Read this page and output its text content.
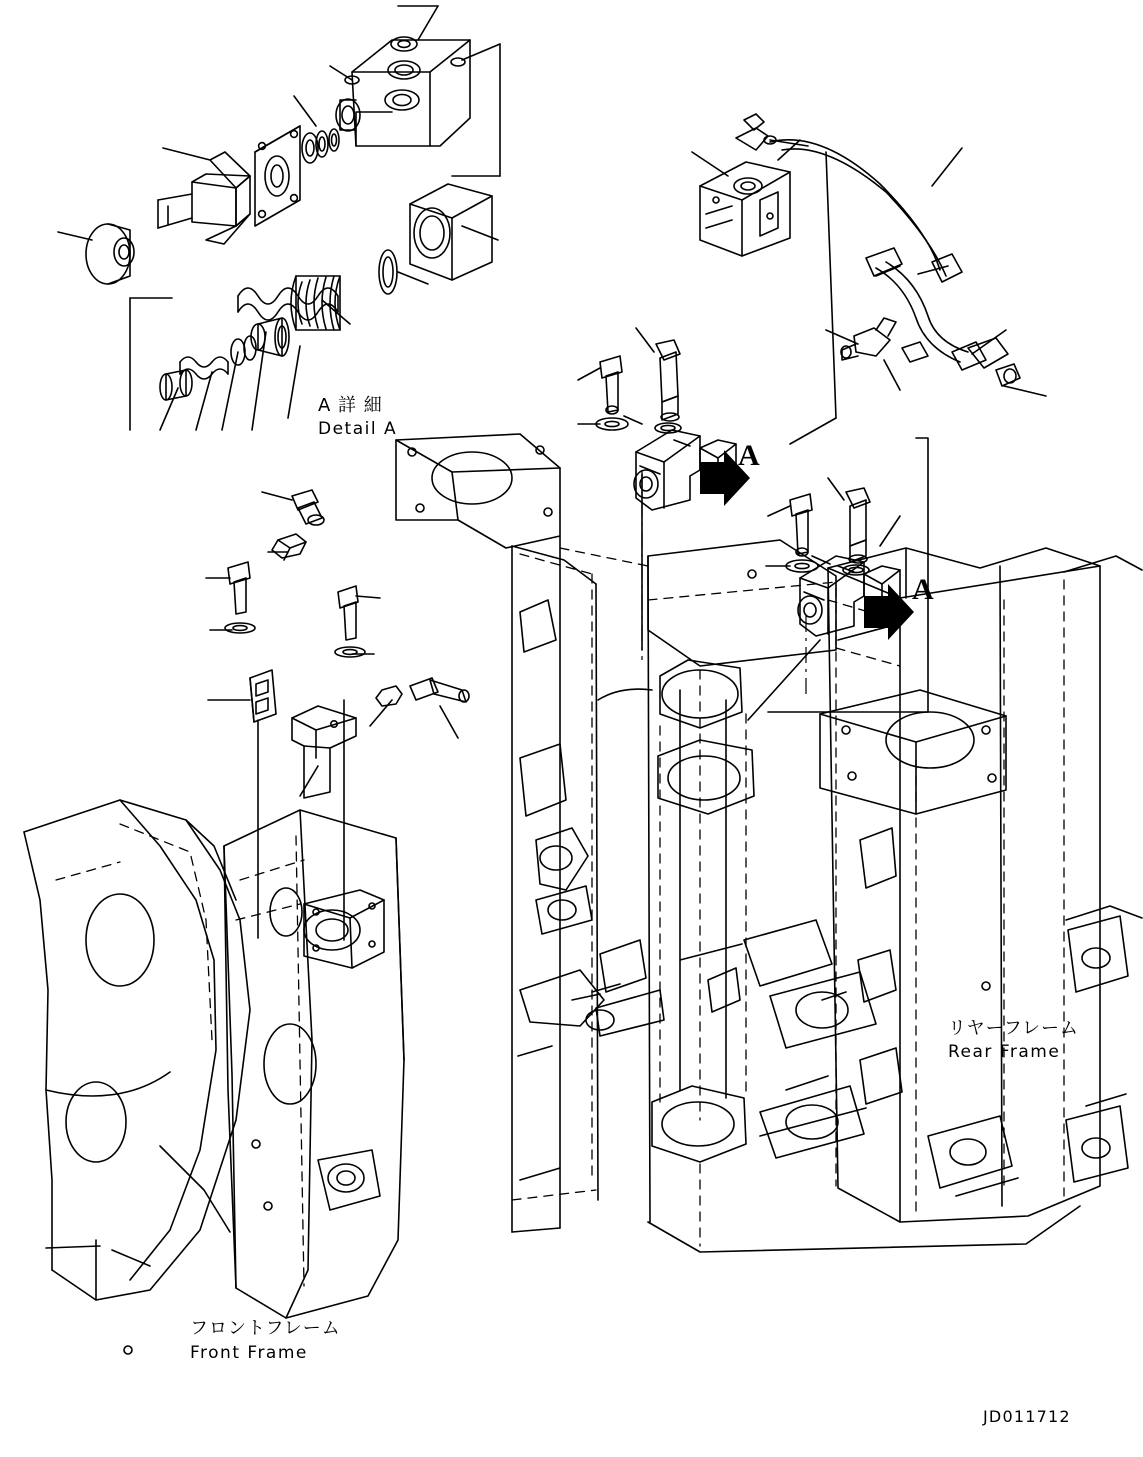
A 詳 細
Detail A
フロントフレーム
Front Frame
リヤーフレーム
Rear Frame
A
A
JD011712
